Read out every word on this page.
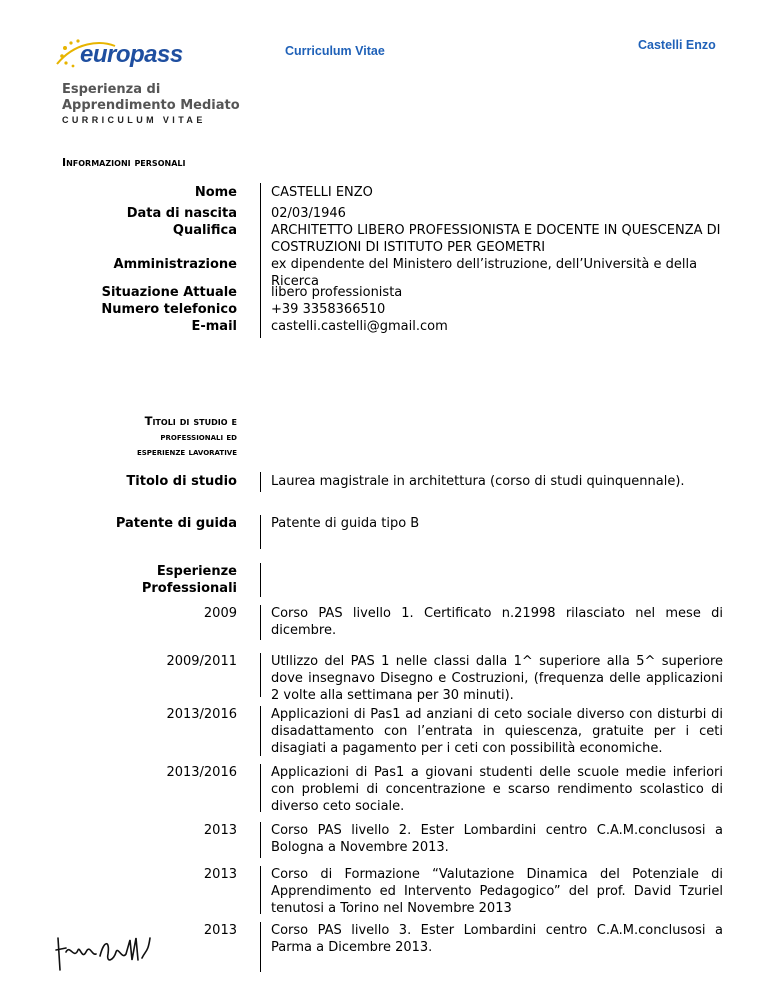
europass	Curriculum Vitae	Castelli Enzo
Esperienza di Apprendimento Mediato
CURRICULUM VITAE
Informazioni personali
Nome	CASTELLI ENZO
Data di nascita	02/03/1946
Qualifica	ARCHITETTO LIBERO PROFESSIONISTA E DOCENTE IN QUESCENZA DI COSTRUZIONI DI ISTITUTO PER GEOMETRI
Amministrazione	ex dipendente del Ministero dell’istruzione, dell’Università e della Ricerca
Situazione Attuale	libero professionista
Numero telefonico	+39 3358366510
E-mail	castelli.castelli@gmail.com
Titoli di studio e
professionali ed
esperienze lavorative
Titolo di studio	Laurea magistrale in architettura (corso di studi quinquennale).
Patente di guida	Patente di guida tipo B
Esperienze
Professionali
2009	Corso PAS livello 1. Certificato n.21998 rilasciato nel mese di dicembre.
2009/2011	Utllizzo del PAS 1 nelle classi dalla 1^ superiore alla 5^ superiore dove insegnavo Disegno e Costruzioni, (frequenza delle applicazioni 2 volte alla settimana per 30 minuti).
2013/2016	Applicazioni di Pas1 ad anziani di ceto sociale diverso con disturbi di disadattamento con l’entrata in quiescenza, gratuite per i ceti disagiati a pagamento per i ceti con possibilità economiche.
2013/2016	Applicazioni di Pas1 a giovani studenti delle scuole medie inferiori con problemi di concentrazione e scarso rendimento scolastico di diverso ceto sociale.
2013	Corso PAS livello 2. Ester Lombardini centro C.A.M.conclusosi a Bologna a Novembre 2013.
2013	Corso di Formazione “Valutazione Dinamica del Potenziale di Apprendimento ed Intervento Pedagogico” del prof. David Tzuriel tenutosi a Torino nel Novembre 2013
2013	Corso PAS livello 3. Ester Lombardini centro C.A.M.conclusosi a Parma a Dicembre 2013.
